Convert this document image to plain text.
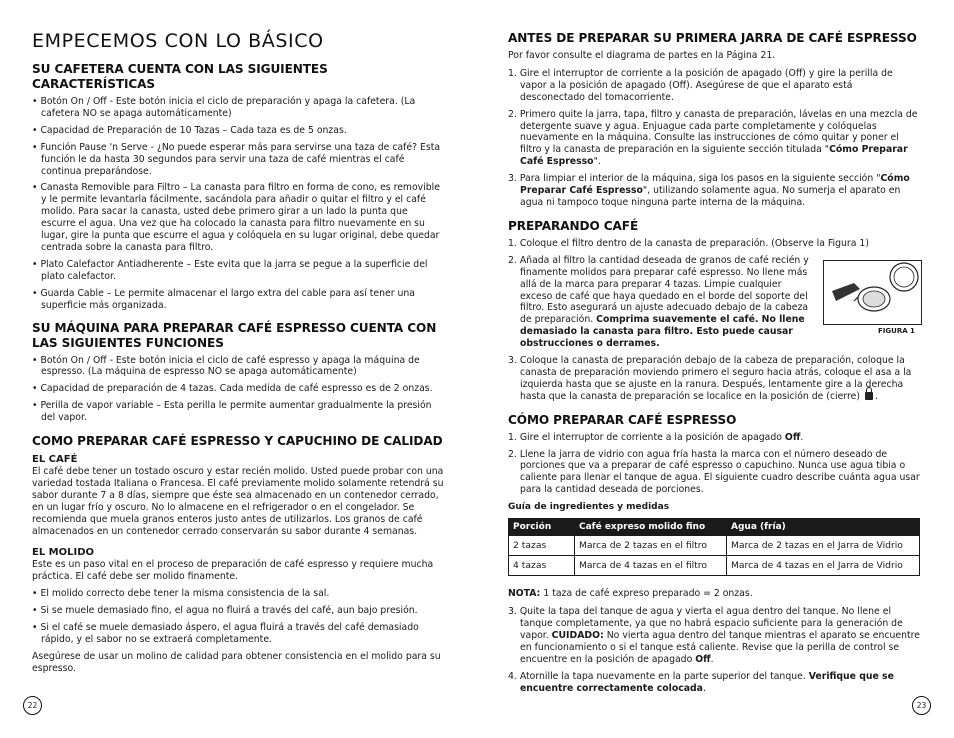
EMPECEMOS CON LO BÁSICO
SU CAFETERA CUENTA CON LAS SIGUIENTES CARACTERÍSTICAS
• Botón On / Off - Este botón inicia el ciclo de preparación y apaga la cafetera. (La cafetera NO se apaga automáticamente)
• Capacidad de Preparación de 10 Tazas – Cada taza es de 5 onzas.
• Función Pause 'n Serve - ¿No puede esperar más para servirse una taza de café? Esta función le da hasta 30 segundos para servir una taza de café mientras el café continua preparándose.
• Canasta Removible para Filtro – La canasta para filtro en forma de cono, es removible y le permite levantarla fácilmente, sacándola para añadir o quitar el filtro y el café molido. Para sacar la canasta, usted debe primero girar a un lado la punta que escurre el agua. Una vez que ha colocado la canasta para filtro nuevamente en su lugar, gire la punta que escurre el agua y colóquela en su lugar original, debe quedar centrada sobre la canasta para filtro.
• Plato Calefactor Antiadherente – Este evita que la jarra se pegue a la superficie del plato calefactor.
• Guarda Cable – Le permite almacenar el largo extra del cable para así tener una superficie más organizada.
SU MÁQUINA PARA PREPARAR CAFÉ ESPRESSO CUENTA CON LAS SIGUIENTES FUNCIONES
• Botón On / Off - Este botón inicia el ciclo de café espresso y apaga la máquina de espresso. (La máquina de espresso NO se apaga automáticamente)
• Capacidad de preparación de 4 tazas. Cada medida de café espresso es de 2 onzas.
• Perilla de vapor variable – Esta perilla le permite aumentar gradualmente la presión del vapor.
COMO PREPARAR CAFÉ ESPRESSO Y CAPUCHINO DE CALIDAD
EL CAFÉ

El café debe tener un tostado oscuro y estar recién molido. Usted puede probar con una variedad tostada Italiana o Francesa. El café previamente molido solamente retendrá su sabor durante 7 a 8 días, siempre que éste sea almacenado en un contenedor cerrado, en un lugar frío y oscuro. No lo almacene en el refrigerador o en el congelador. Se recomienda que muela granos enteros justo antes de utilizarlos. Los granos de café almacenados en un contenedor cerrado conservarán su sabor durante 4 semanas.

EL MOLIDO

Este es un paso vital en el proceso de preparación de café espresso y requiere mucha práctica. El café debe ser molido finamente.

• El molido correcto debe tener la misma consistencia de la sal.
• Si se muele demasiado fino, el agua no fluirá a través del café, aun bajo presión.
• Si el café se muele demasiado áspero, el agua fluirá a través del café demasiado rápido, y el sabor no se extraerá completamente.

Asegúrese de usar un molino de calidad para obtener consistencia en el molido para su espresso.

22
ANTES DE PREPARAR SU PRIMERA JARRA DE CAFÉ ESPRESSO

Por favor consulte el diagrama de partes en la Página 21.

1. Gire el interruptor de corriente a la posición de apagado (Off) y gire la perilla de vapor a la posición de apagado (Off). Asegúrese de que el aparato está desconectado del tomacorriente.
2. Primero quite la jarra, tapa, filtro y canasta de preparación, lávelas en una mezcla de detergente suave y agua. Enjuague cada parte completamente y colóquelas nuevamente en la máquina. Consulte las instrucciones de cómo quitar y poner el filtro y la canasta de preparación en la siguiente sección titulada "Cómo Preparar Café Espresso".
3. Para limpiar el interior de la máquina, siga los pasos en la siguiente sección "Cómo Preparar Café Espresso", utilizando solamente agua. No sumerja el aparato en agua ni tampoco toque ninguna parte interna de la máquina.
PREPARANDO CAFÉ
1. Coloque el filtro dentro de la canasta de preparación. (Observe la Figura 1)
2. Añada al filtro la cantidad deseada de granos de café recién y finamente molidos para preparar café espresso. No llene más allá de la marca para preparar 4 tazas. Limpie cualquier exceso de café que haya quedado en el borde del soporte del filtro. Esto asegurará un ajuste adecuado debajo de la cabeza de preparación. Comprima suavemente el café. No llene demasiado la canasta para filtro. Esto puede causar obstrucciones o derrames.
3. Coloque la canasta de preparación debajo de la cabeza de preparación, coloque la canasta de preparación moviendo primero el seguro hacia atrás, coloque el asa a la izquierda hasta que se ajuste en la ranura. Después, lentamente gire a la derecha hasta que la canasta de preparación se localice en la posición de (cierre) .
CÓMO PREPARAR CAFÉ ESPRESSO
1. Gire el interruptor de corriente a la posición de apagado Off.
2. Llene la jarra de vidrio con agua fría hasta la marca con el número deseado de porciones que va a preparar de café espresso o capuchino. Nunca use agua tibia o caliente para llenar el tanque de agua. El siguiente cuadro describe cuánta agua usar para la cantidad deseada de porciones.
Guía de ingredientes y medidas
Porción	Café expreso molido fino	Agua (fría)
2 tazas	Marca de 2 tazas en el filtro	Marca de 2 tazas en el Jarra de Vidrio
4 tazas	Marca de 4 tazas en el filtro	Marca de 4 tazas en el Jarra de Vidrio

NOTA: 1 taza de café expreso preparado = 2 onzas.

3. Quite la tapa del tanque de agua y vierta el agua dentro del tanque. No llene el tanque completamente, ya que no habrá espacio suficiente para la generación de vapor. CUIDADO: No vierta agua dentro del tanque mientras el aparato se encuentre en funcionamiento o si el tanque está caliente. Revise que la perilla de control se encuentre en la posición de apagado Off.
4. Atornille la tapa nuevamente en la parte superior del tanque. Verifique que se encuentre correctamente colocada.
FIGURA 1
23
